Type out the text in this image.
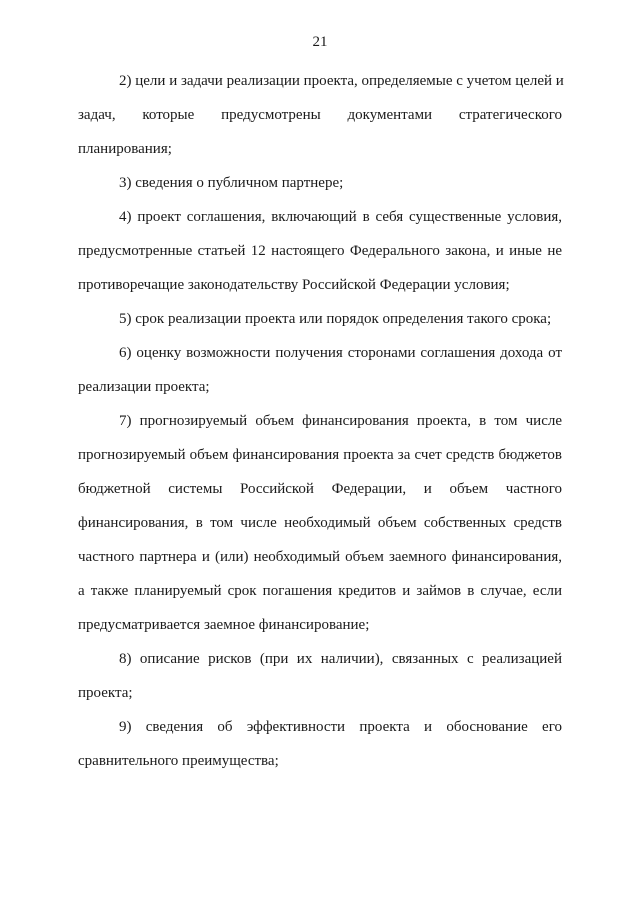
21

2) цели и задачи реализации проекта, определяемые с учетом целей и
задач, которые предусмотрены документами стратегического
планирования;

3) сведения о публичном партнере;

4) проект соглашения, включающий в себя существенные условия,
предусмотренные статьей 12 настоящего Федерального закона, и иные не
противоречащие законодательству Российской Федерации условия;

5) срок реализации проекта или порядок определения такого срока;

6) оценку возможности получения сторонами соглашения дохода от
реализации проекта;

7) прогнозируемый объем финансирования проекта, в том числе
прогнозируемый объем финансирования проекта за счет средств бюджетов
бюджетной системы Российской Федерации, и объем частного
финансирования, в том числе необходимый объем собственных средств
частного партнера и (или) необходимый объем заемного финансирования,
а также планируемый срок погашения кредитов и займов в случае, если
предусматривается заемное финансирование;

8) описание рисков (при их наличии), связанных с реализацией
проекта;

9) сведения об эффективности проекта и обоснование его
сравнительного преимущества;
